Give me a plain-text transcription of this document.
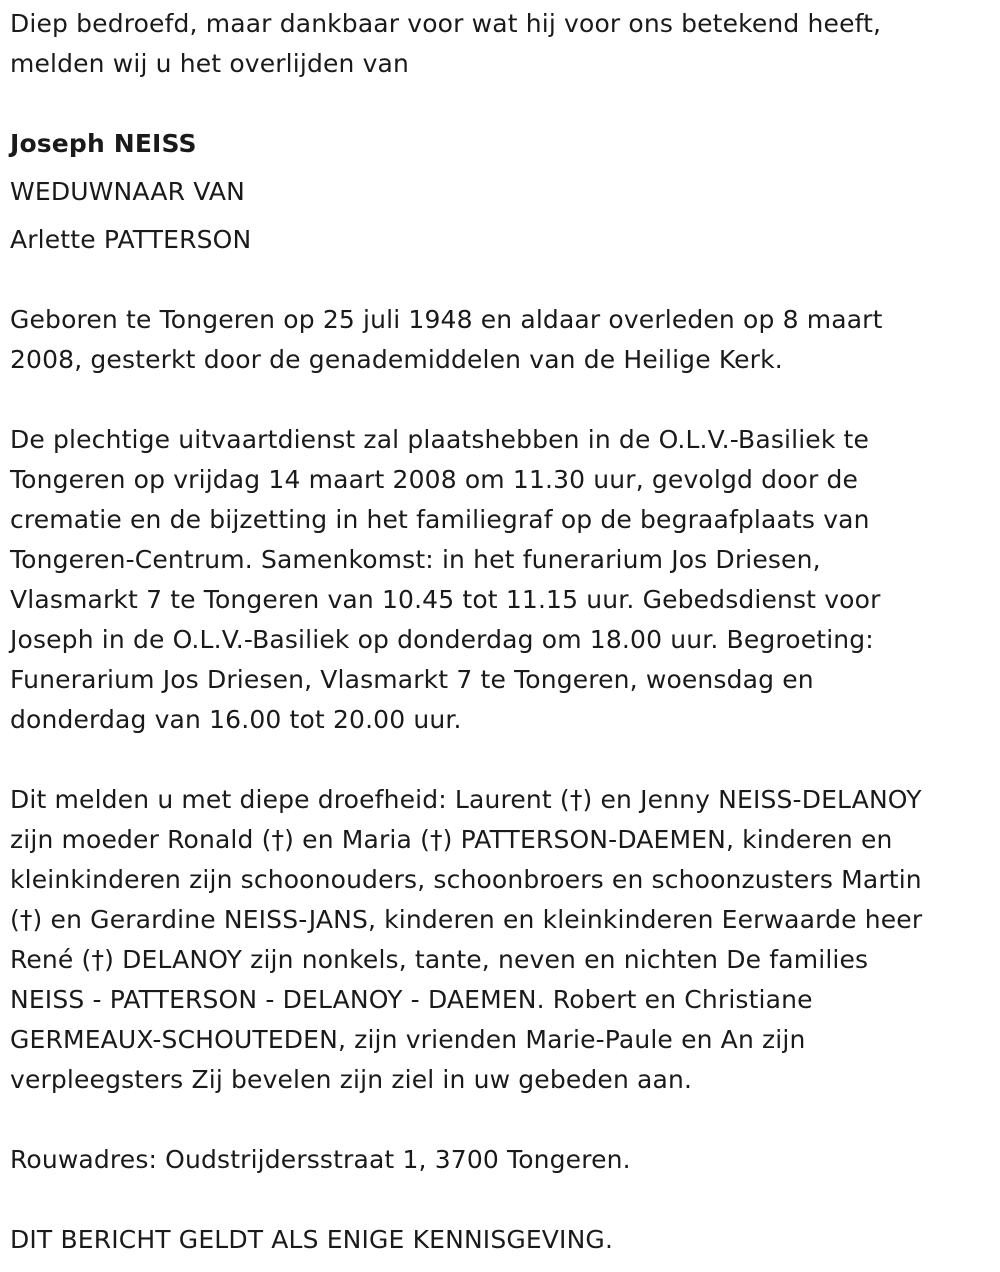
Diep bedroefd, maar dankbaar voor wat hij voor ons betekend heeft,
melden wij u het overlijden van

Joseph NEISS

WEDUWNAAR VAN

Arlette PATTERSON

Geboren te Tongeren op 25 juli 1948 en aldaar overleden op 8 maart
2008, gesterkt door de genademiddelen van de Heilige Kerk.

De plechtige uitvaartdienst zal plaatshebben in de O.L.V.-Basiliek te
Tongeren op vrijdag 14 maart 2008 om 11.30 uur, gevolgd door de
crematie en de bijzetting in het familiegraf op de begraafplaats van
Tongeren-Centrum. Samenkomst: in het funerarium Jos Driesen,
Vlasmarkt 7 te Tongeren van 10.45 tot 11.15 uur. Gebedsdienst voor
Joseph in de O.L.V.-Basiliek op donderdag om 18.00 uur. Begroeting:
Funerarium Jos Driesen, Vlasmarkt 7 te Tongeren, woensdag en
donderdag van 16.00 tot 20.00 uur.

Dit melden u met diepe droefheid: Laurent (†) en Jenny NEISS-DELANOY
zijn moeder Ronald (†) en Maria (†) PATTERSON-DAEMEN, kinderen en
kleinkinderen zijn schoonouders, schoonbroers en schoonzusters Martin
(†) en Gerardine NEISS-JANS, kinderen en kleinkinderen Eerwaarde heer
René (†) DELANOY zijn nonkels, tante, neven en nichten De families
NEISS - PATTERSON - DELANOY - DAEMEN. Robert en Christiane
GERMEAUX-SCHOUTEDEN, zijn vrienden Marie-Paule en An zijn
verpleegsters Zij bevelen zijn ziel in uw gebeden aan.

Rouwadres: Oudstrijdersstraat 1, 3700 Tongeren.

DIT BERICHT GELDT ALS ENIGE KENNISGEVING.
